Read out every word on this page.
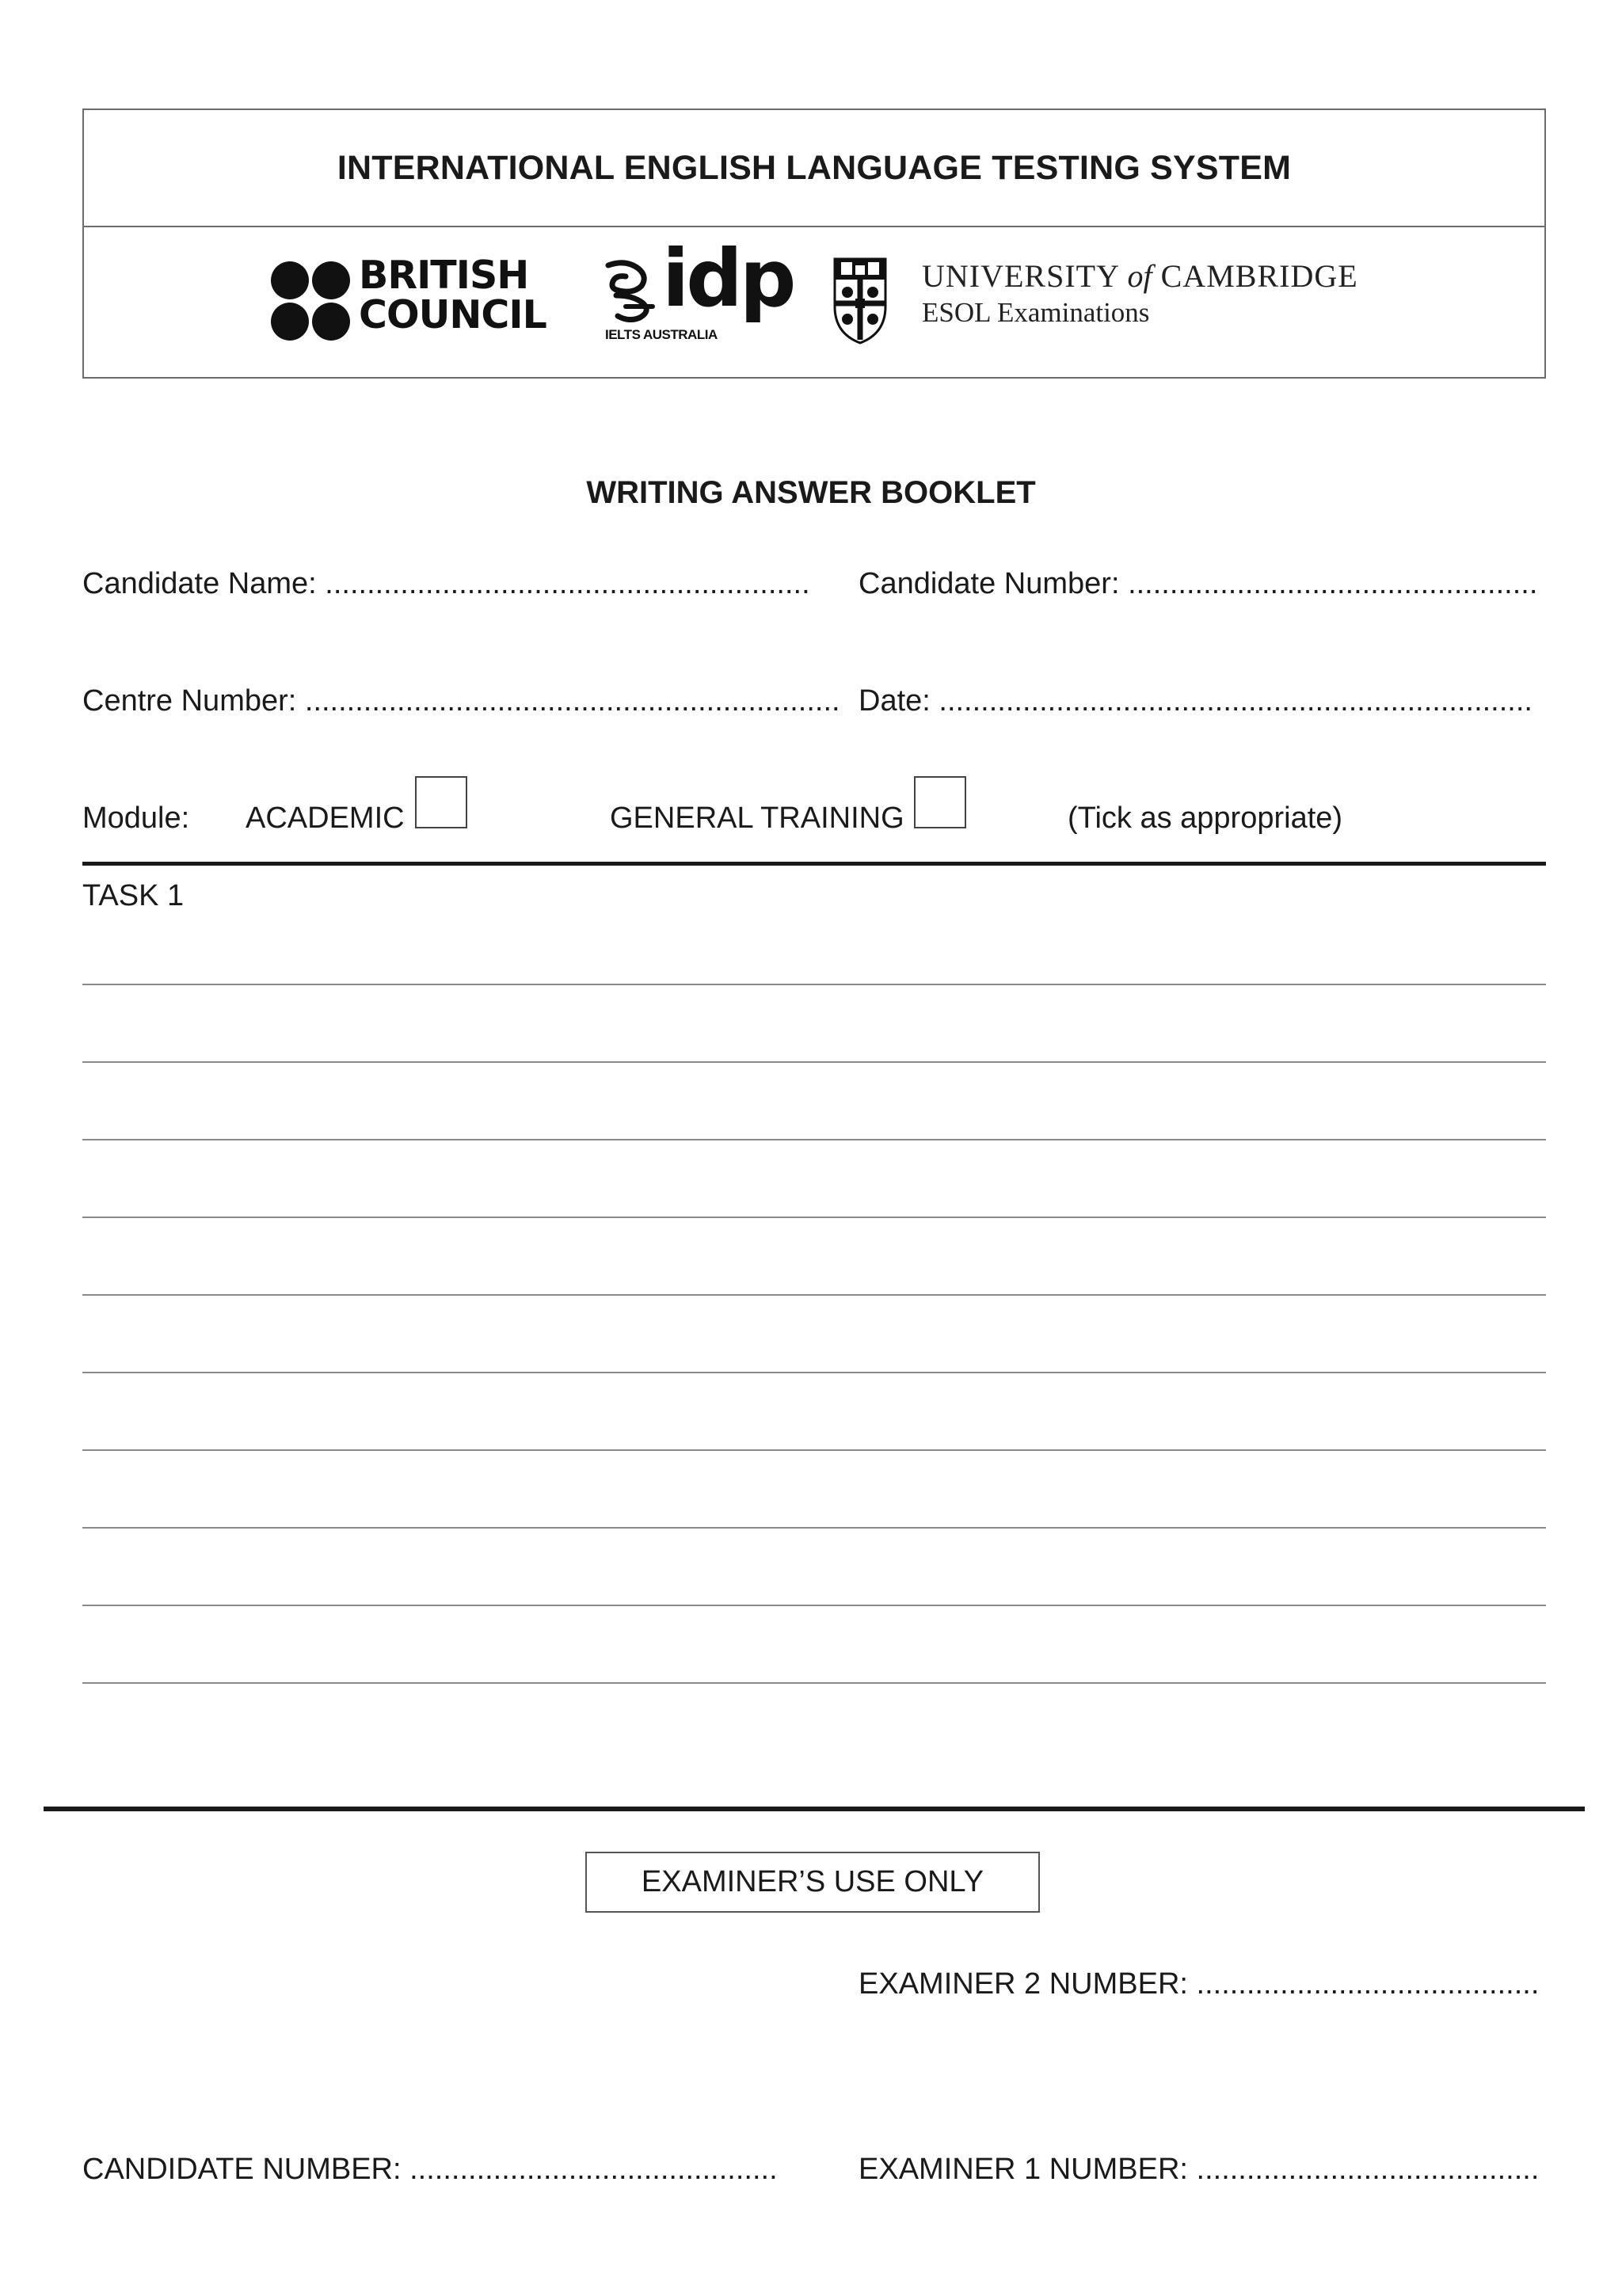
INTERNATIONAL ENGLISH LANGUAGE TESTING SYSTEM
BRITISH
COUNCIL idp
IELTS AUSTRALIA
UNIVERSITY of CAMBRIDGE
ESOL Examinations
WRITING ANSWER BOOKLET
Candidate Name: .......................................................... Candidate Number: .................................................
Centre Number: ................................................................ Date: .......................................................................
Module: ACADEMIC	GENERAL TRAINING	(Tick as appropriate)
TASK 1
EXAMINER’S USE ONLY
EXAMINER 2 NUMBER: .........................................
CANDIDATE NUMBER: ............................................	EXAMINER 1 NUMBER: .........................................
